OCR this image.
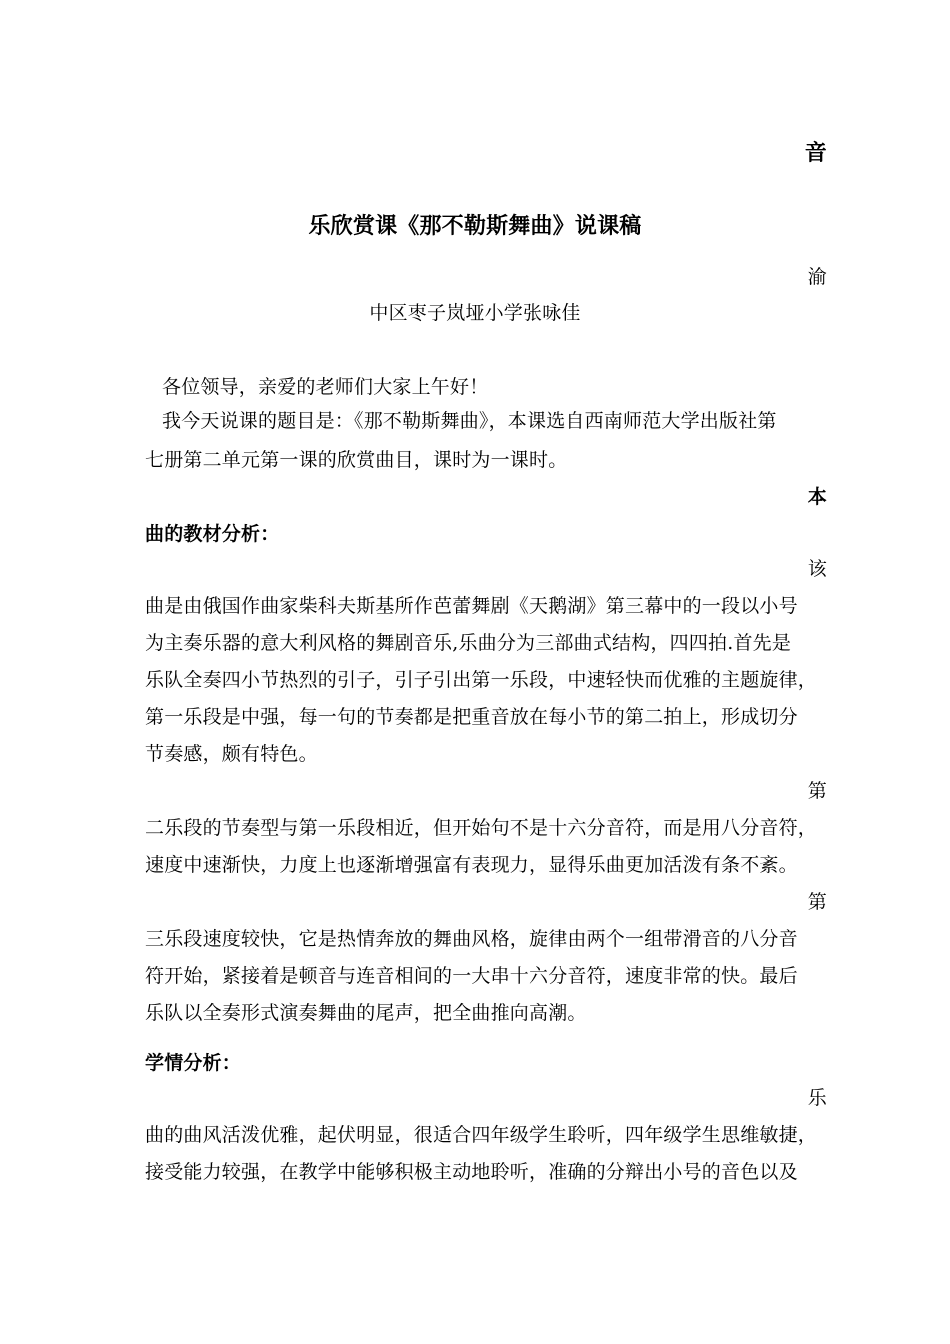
音
乐欣赏课《那不勒斯舞曲》说课稿
渝
中区枣子岚垭小学张咏佳
各位领导，亲爱的老师们大家上午好！
我今天说课的题目是：《那不勒斯舞曲》，本课选自西南师范大学出版社第
七册第二单元第一课的欣赏曲目，课时为一课时。
本
曲的教材分析：
该
曲是由俄国作曲家柴科夫斯基所作芭蕾舞剧《天鹅湖》第三幕中的一段以小号
为主奏乐器的意大利风格的舞剧音乐,乐曲分为三部曲式结构，四四拍.首先是
乐队全奏四小节热烈的引子，引子引出第一乐段，中速轻快而优雅的主题旋律，
第一乐段是中强，每一句的节奏都是把重音放在每小节的第二拍上，形成切分
节奏感，颇有特色。
第
二乐段的节奏型与第一乐段相近，但开始句不是十六分音符，而是用八分音符，
速度中速渐快，力度上也逐渐增强富有表现力，显得乐曲更加活泼有条不紊。
第
三乐段速度较快，它是热情奔放的舞曲风格，旋律由两个一组带滑音的八分音
符开始，紧接着是顿音与连音相间的一大串十六分音符，速度非常的快。最后
乐队以全奏形式演奏舞曲的尾声，把全曲推向高潮。
学情分析：
乐
曲的曲风活泼优雅，起伏明显，很适合四年级学生聆听，四年级学生思维敏捷，
接受能力较强，在教学中能够积极主动地聆听，准确的分辩出小号的音色以及
